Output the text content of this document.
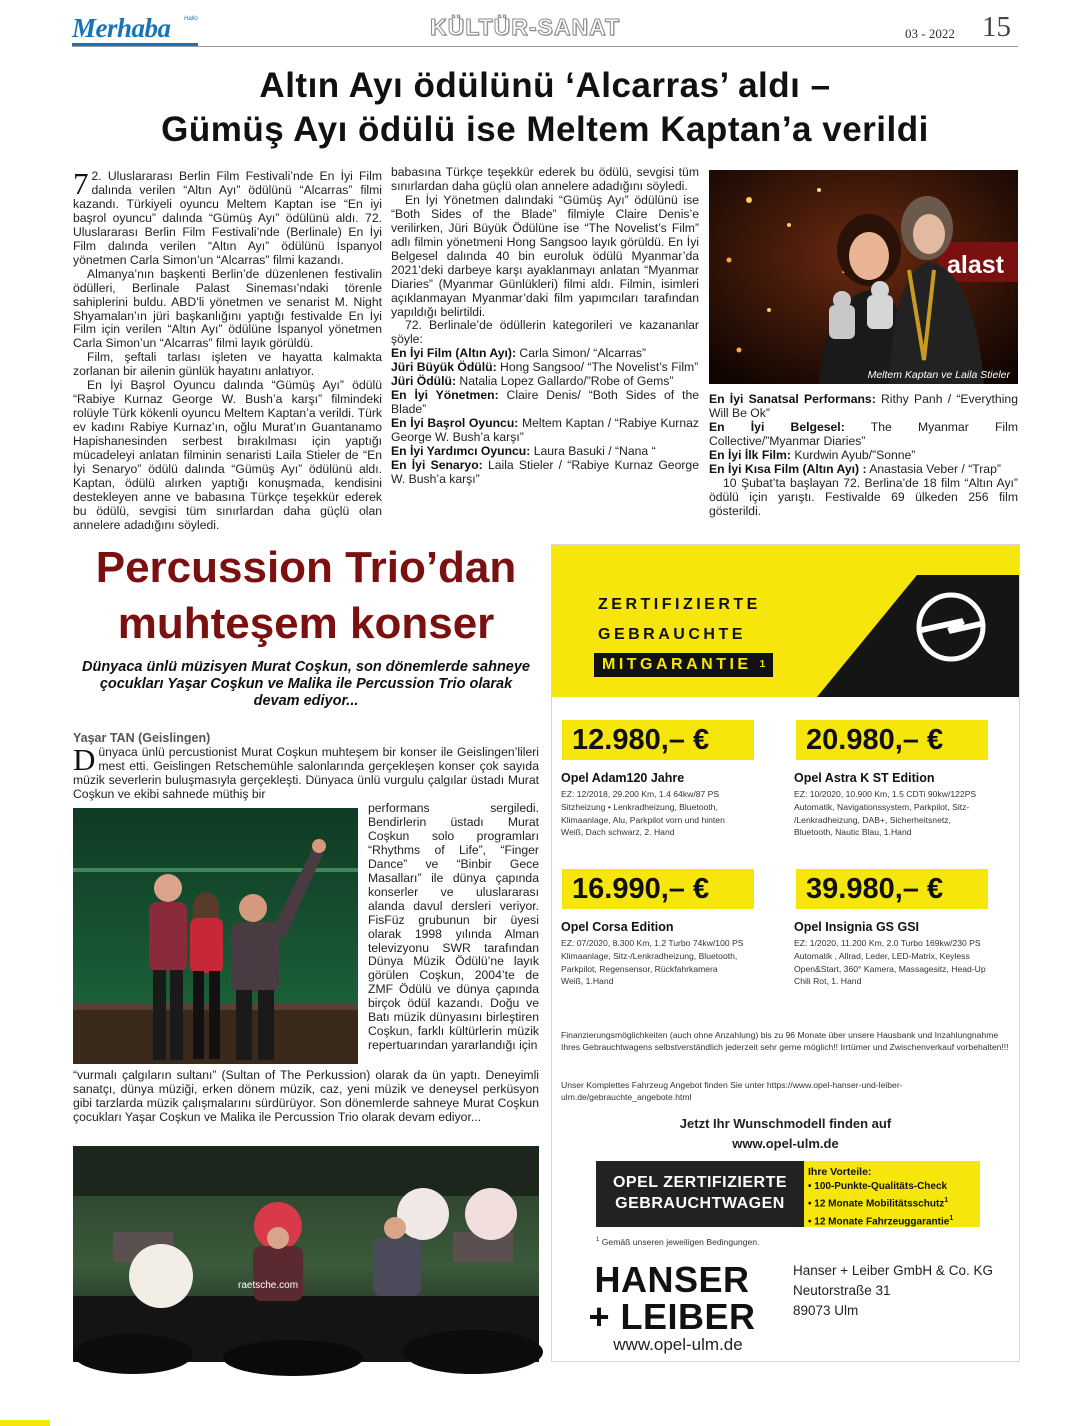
Merhaba	Hallo	KÜLTÜR-SANAT	03 - 2022 15
Altın Ayı ödülünü ‘Alcarras’ aldı –
Gümüş Ayı ödülü ise Meltem Kaptan’a verildi

7 2. Uluslararası Berlin Film Festivali’nde En İyi Film dalında verilen “Altın Ayı” ödülünü “Alcarras” filmi kazandı. Türkiyeli oyuncu Meltem Kaptan ise “En iyi başrol oyuncu” dalında “Gümüş Ayı” ödülünü aldı. 72. Uluslararası Berlin Film Festivali’nde (Berlinale) En İyi Film dalında verilen “Altın Ayı” ödülünü İspanyol yönetmen Carla Simon’un “Alcarras” filmi kazandı.

Almanya’nın başkenti Berlin’de düzenlenen festivalin ödülleri, Berlinale Palast Sineması’ndaki törenle sahiplerini buldu. ABD’li yönetmen ve senarist M. Night Shyamalan’ın jüri başkanlığını yaptığı festivalde En İyi Film için verilen “Altın Ayı” ödülüne İspanyol yönetmen Carla Simon’un “Alcarras” filmi layık görüldü.

Film, şeftali tarlası işleten ve hayatta kalmakta zorlanan bir ailenin günlük hayatını anlatıyor.

En İyi Başrol Oyuncu dalında “Gümüş Ayı” ödülü “Rabiye Kurnaz George W. Bush’a karşı” filmindeki rolüyle Türk kökenli oyuncu Meltem Kaptan’a verildi. Türk ev kadını Rabiye Kurnaz’ın, oğlu Murat’ın Guantanamo Hapishanesinden serbest bırakılması için yaptığı mücadeleyi anlatan filminin senaristi Laila Stieler de “En İyi Senaryo” ödülü dalında “Gümüş Ayı” ödülünü aldı. Kaptan, ödülü alırken yaptığı konuşmada, kendisini destekleyen anne ve babasına Türkçe teşekkür ederek bu ödülü, sevgisi tüm sınırlardan daha güçlü olan annelere adadığını söyledi.

babasına Türkçe teşekkür ederek bu ödülü, sevgisi tüm sınırlardan daha güçlü olan annelere adadığını söyledi.

En İyi Yönetmen dalındaki “Gümüş Ayı” ödülünü ise “Both Sides of the Blade” filmiyle Claire Denis’e verilirken, Jüri Büyük Ödülüne ise “The Novelist’s Film” adlı filmin yönetmeni Hong Sangsoo layık görüldü. En İyi Belgesel dalında 40 bin euroluk ödülü Myanmar’da 2021’deki darbeye karşı ayaklanmayı anlatan “Myanmar Diaries” (Myanmar Günlükleri) filmi aldı. Filmin, isimleri açıklanmayan Myanmar’daki film yapımcıları tarafından yapıldığı belirtildi.

72. Berlinale’de ödüllerin kategorileri ve kazananlar şöyle:

En İyi Film (Altın Ayı): Carla Simon/ “Alcarras”
Jüri Büyük Ödülü: Hong Sangsoo/ “The Novelist’s Film”
Jüri Ödülü: Natalia Lopez Gallardo/”Robe of Gems”
En İyi Yönetmen: Claire Denis/ “Both Sides of the Blade”
En İyi Başrol Oyuncu: Meltem Kaptan / “Rabiye Kurnaz George W. Bush’a karşı”
En İyi Yardımcı Oyuncu: Laura Basuki / “Nana “
En İyi Senaryo: Laila Stieler / “Rabiye Kurnaz George W. Bush’a karşı”
alast
Meltem Kaptan ve Laila Stieler
En İyi Sanatsal Performans: Rithy Panh / “Everything Will Be Ok”
En İyi Belgesel: The Myanmar Film Collective/”Myanmar Diaries”
En İyi İlk Film: Kurdwin Ayub/”Sonne”
En İyi Kısa Film (Altın Ayı) : Anastasia Veber / “Trap”

10 Şubat’ta başlayan 72. Berlina’de 18 film “Altın Ayı” ödülü için yarıştı. Festivalde 69 ülkeden 256 film gösterildi.

Percussion Trio’dan
muhteşem konser
Dünyaca ünlü müzisyen Murat Coşkun, son dönemlerde sahneye çocukları Yaşar Coşkun ve Malika ile Percussion Trio olarak devam ediyor...
Yaşar TAN (Geislingen)

Dünyaca ünlü percustionist Murat Coşkun muhteşem bir konser ile Geislingen’lileri mest etti. Geislingen Retschemühle salonlarında gerçekleşen konser çok sayıda müzik severlerin buluşmasıyla gerçekleşti. Dünyaca ünlü vurgulu çalgılar üstadı Murat Coşkun ve ekibi sahnede müthiş bir

performans sergiledi. Bendirlerin üstadı Murat Coşkun solo programları “Rhythms of Life”, “Finger Dance” ve “Binbir Gece Masalları” ile dünya çapında konserler ve uluslararası alanda davul dersleri veriyor. FisFüz grubunun bir üyesi olarak 1998 yılında Alman televizyonu SWR tarafından Dünya Müzik Ödülü’ne layık görülen Coşkun, 2004’te de ZMF Ödülü ve dünya çapında birçok ödül kazandı. Doğu ve Batı müzik dünyasını birleştiren Coşkun, farklı kültürlerin müzik repertuarından yararlandığı için

“vurmalı çalgıların sultanı” (Sultan of The Perkussion) olarak da ün yaptı. Deneyimli sanatçı, dünya müziği, erken dönem müzik, caz, yeni müzik ve deneysel perküsyon gibi tarzlarda müzik çalışmalarını sürdürüyor. Son dönemlerde sahneye Murat Coşkun çocukları Yaşar Coşkun ve Malika ile Percussion Trio olarak devam ediyor...

raetsche.com
ZERTIFIZIERTE
GEBRAUCHTE
MITGARANTIE $^1$
12.980,– €
Opel Adam120 Jahre
EZ: 12/2018, 29.200 Km, 1.4 64kw/87 PS
Sitzheizung • Lenkradheizung, Bluetooth,
Klimaanlage, Alu, Parkpilot vorn und hinten
Weiß, Dach schwarz, 2. Hand
20.980,– €
Opel Astra K ST Edition
EZ: 10/2020, 10.900 Km, 1.5 CDTi 90kw/122PS
Automatik, Navigationssystem, Parkpilot, Sitz-
/Lenkradheizung, DAB+, Sicherheitsnetz,
Bluetooth, Nautic Blau, 1.Hand
16.990,– €
Opel Corsa Edition
EZ: 07/2020, 8.300 Km, 1.2 Turbo 74kw/100 PS
Klimaanlage, Sitz-/Lenkradheizung, Bluetooth,
Parkpilot, Regensensor, Rückfahrkamera
Weiß, 1.Hand
39.980,– €
Opel Insignia GS GSI
EZ: 1/2020, 11.200 Km, 2.0 Turbo 169kw/230 PS
Automatik , Allrad, Leder, LED-Matrix, Keyless
Open&Start, 360° Kamera, Massagesitz, Head-Up
Chili Rot, 1. Hand
Finanzierungsmöglichkeiten (auch ohne Anzahlung) bis zu 96 Monate über unsere Hausbank und Inzahlungnahme Ihres Gebrauchtwagens selbstverständlich jederzeit sehr gerne möglich!! Irrtümer und Zwischenverkauf vorbehalten!!!
Unser Komplettes Fahrzeug Angebot finden Sie unter https://www.opel-hanser-und-leiber-ulm.de/gebrauchte_angebote.html
Jetzt Ihr Wunschmodell finden auf
www.opel-ulm.de
OPEL ZERTIFIZIERTE
GEBRAUCHTWAGEN
Ihre Vorteile:
• 100-Punkte-Qualitäts-Check
• 12 Monate Mobilitätsschutz$^1$
• 12 Monate Fahrzeuggarantie$^1$
$^1$ Gemäß unseren jeweiligen Bedingungen.
HANSER
+ LEIBER
www.opel-ulm.de
Hanser + Leiber GmbH & Co. KG
Neutorstraße 31
89073 Ulm
